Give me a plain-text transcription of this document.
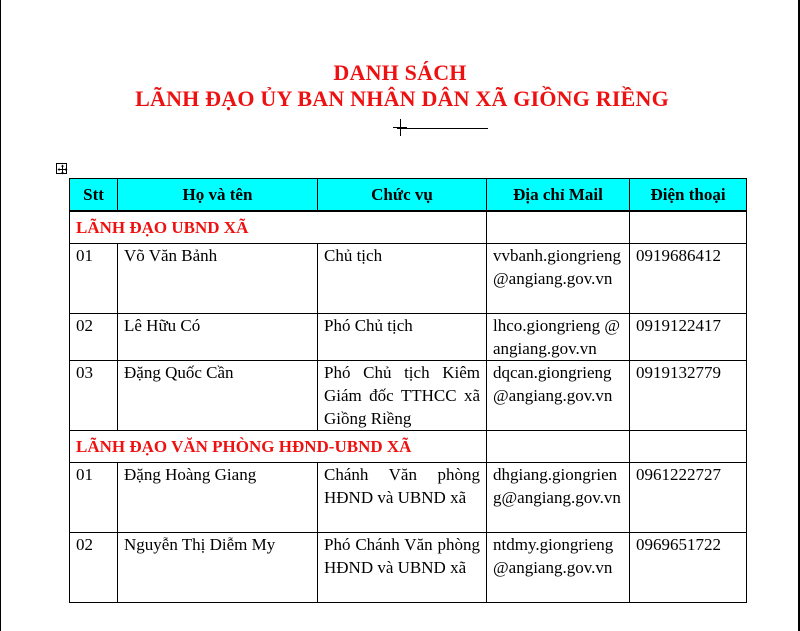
DANH SÁCH
LÃNH ĐẠO ỦY BAN NHÂN DÂN XÃ GIỒNG RIỀNG
Stt	Họ và tên	Chức vụ	Địa chỉ Mail	Điện thoại
LÃNH ĐẠO UBND XÃ				
01	Võ Văn Bảnh	Chủ tịch	vvbanh.giongrieng@angiang.gov.vn	0919686412
02	Lê Hữu Có	Phó Chủ tịch	lhco.giongrieng @angiang.gov.vn	0919122417
03	Đặng Quốc Cần	Phó Chủ tịch Kiêm Giám đốc TTHCC xã Giồng Riềng	dqcan.giongrieng @angiang.gov.vn	0919132779
LÃNH ĐẠO VĂN PHÒNG HĐND-UBND XÃ				
01	Đặng Hoàng Giang	Chánh Văn phòng HĐND và UBND xã	dhgiang.giongrieng@angiang.gov.vn	0961222727
02	Nguyễn Thị Diễm My	Phó Chánh Văn phòng HĐND và UBND xã	ntdmy.giongrieng @angiang.gov.vn	0969651722
